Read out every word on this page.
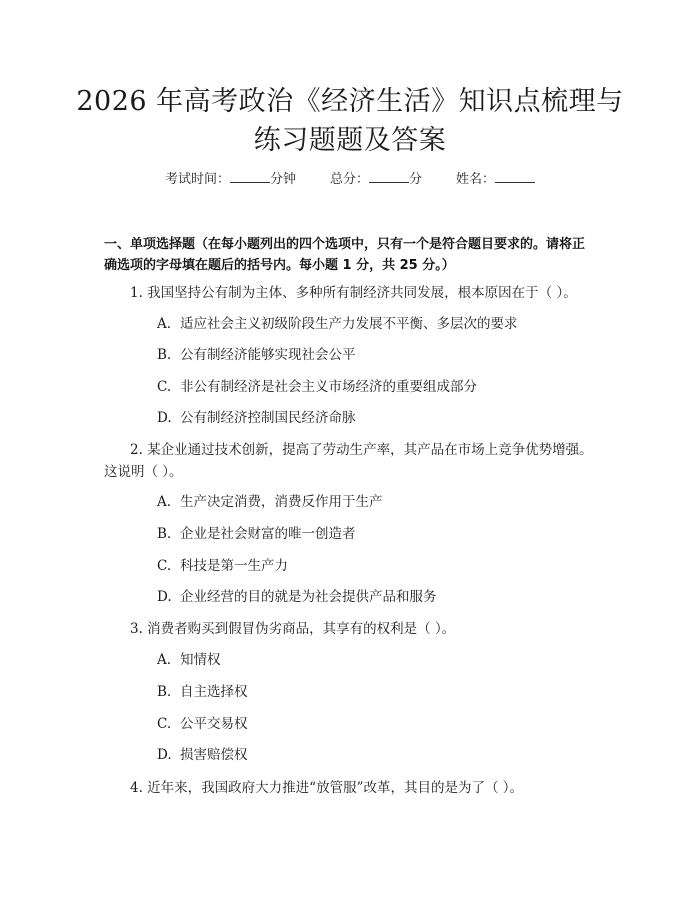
2026 年高考政治《经济生活》知识点梳理与
练习题题及答案
考试时间：	分钟	总分：	分	姓名：
一、单项选择题（在每小题列出的四个选项中，只有一个是符合题目要求的。请将正确选项的字母填在题后的括号内。每小题 1 分，共 25 分。）
1. 我国坚持公有制为主体、多种所有制经济共同发展，根本原因在于（ ）。
A. 适应社会主义初级阶段生产力发展不平衡、多层次的要求
B. 公有制经济能够实现社会公平
C. 非公有制经济是社会主义市场经济的重要组成部分
D. 公有制经济控制国民经济命脉
2. 某企业通过技术创新，提高了劳动生产率，其产品在市场上竞争优势增强。这说明（ ）。
A. 生产决定消费，消费反作用于生产
B. 企业是社会财富的唯一创造者
C. 科技是第一生产力
D. 企业经营的目的就是为社会提供产品和服务
3. 消费者购买到假冒伪劣商品，其享有的权利是（ ）。
A. 知情权
B. 自主选择权
C. 公平交易权
D. 损害赔偿权
4. 近年来，我国政府大力推进“放管服”改革，其目的是为了（ ）。
